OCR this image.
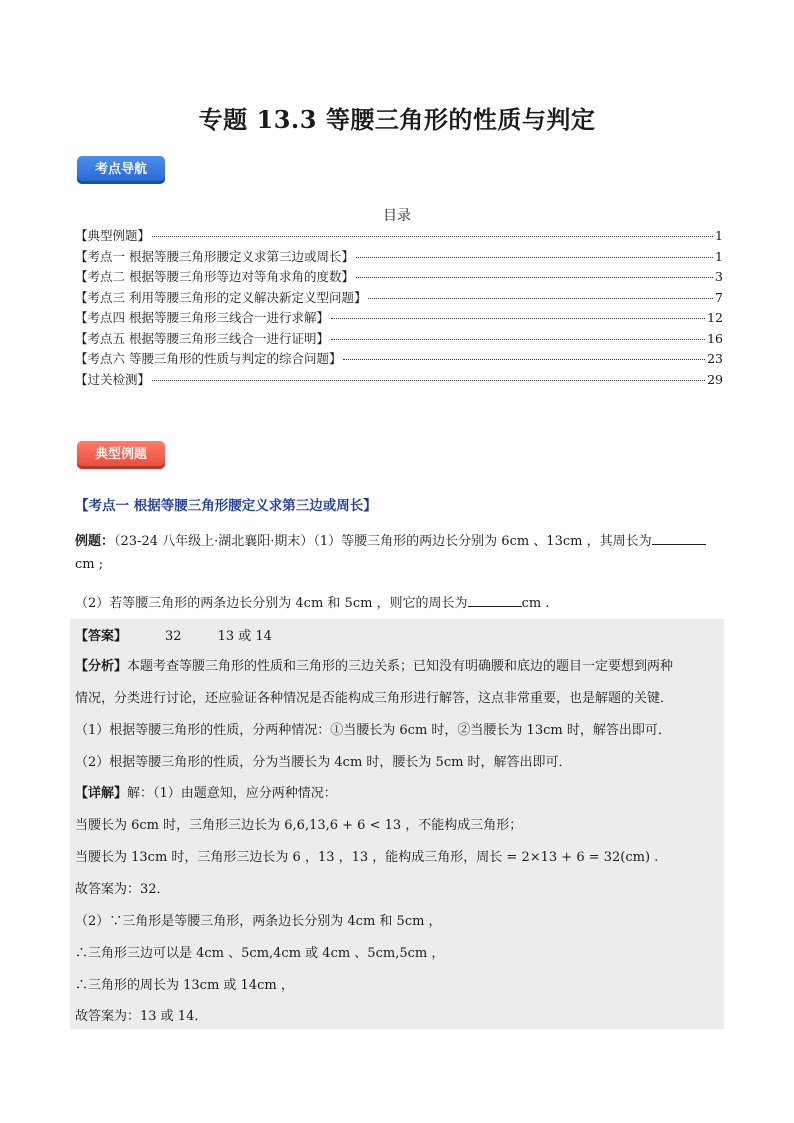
专题 13.3 等腰三角形的性质与判定
考点导航
目录
【典型例题】	1
【考点一 根据等腰三角形腰定义求第三边或周长】	1
【考点二 根据等腰三角形等边对等角求角的度数】	3
【考点三 利用等腰三角形的定义解决新定义型问题】	7
【考点四 根据等腰三角形三线合一进行求解】	12
【考点五 根据等腰三角形三线合一进行证明】	16
【考点六 等腰三角形的性质与判定的综合问题】	23
【过关检测】	29
典型例题
【考点一 根据等腰三角形腰定义求第三边或周长】
例题：（23-24 八年级上·湖北襄阳·期末）（1）等腰三角形的两边长分别为 6cm 、13cm ，其周长为
cm ;
（2）若等腰三角形的两条边长分别为 4cm 和 5cm ，则它的周长为	cm .
【答案】	32	13 或 14
【分析】本题考查等腰三角形的性质和三角形的三边关系；已知没有明确腰和底边的题目一定要想到两种
情况，分类进行讨论，还应验证各种情况是否能构成三角形进行解答，这点非常重要，也是解题的关键．
（1）根据等腰三角形的性质，分两种情况：①当腰长为 6cm 时，②当腰长为 13cm 时，解答出即可．
（2）根据等腰三角形的性质，分为当腰长为 4cm 时，腰长为 5cm 时，解答出即可．
【详解】解：（1）由题意知，应分两种情况：
当腰长为 6cm 时，三角形三边长为 6,6,13,6 + 6 < 13 ，不能构成三角形；
当腰长为 13cm 时，三角形三边长为 6 ，13 ，13 ，能构成三角形，周长 = 2×13 + 6 = 32(cm) .
故答案为：32．
（2）∵三角形是等腰三角形，两条边长分别为 4cm 和 5cm ，
∴三角形三边可以是 4cm 、5cm,4cm 或 4cm 、5cm,5cm ，
∴三角形的周长为 13cm 或 14cm ，
故答案为：13 或 14．
